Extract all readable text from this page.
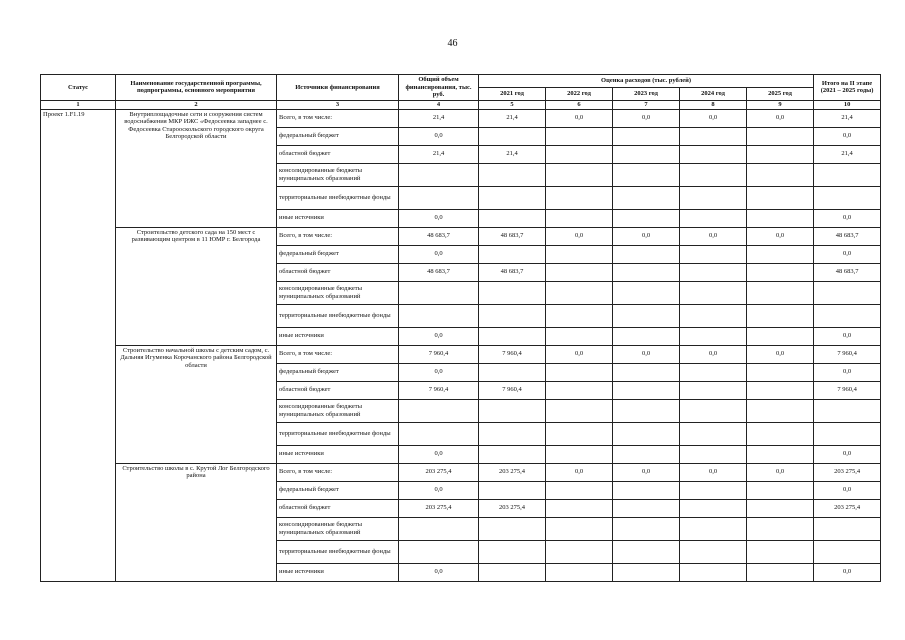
46
Статус	Наименование государственной программы, подпрограммы, основного мероприятия	Источники финансирования	Общий объем финансирования, тыс. руб.	Оценка расходов (тыс. рублей)					Итого на II этапе (2021 – 2025 годы)
				2021 год	2022 год	2023 год	2024 год	2025 год	
1	2	3	4	5	6	7	8	9	10
Проект 1.F1.19	Внутриплощадочные сети и сооружения систем водоснабжения МКР ИЖС «Федосеевка западнее с. Федосеевка Старооскольского городского округа Белгородской области	Всего, в том числе:	21,4	21,4	0,0	0,0	0,0	0,0	21,4
		федеральный бюджет	0,0						0,0
		областной бюджет	21,4	21,4					21,4
		консолидированные бюджеты муниципальных образований							
		территориальные внебюджетные фонды							
		иные источники	0,0						0,0
	Строительство детского сада на 150 мест с развивающим центром в 11 ЮМР г. Белгорода	Всего, в том числе:	48 683,7	48 683,7	0,0	0,0	0,0	0,0	48 683,7
		федеральный бюджет	0,0						0,0
		областной бюджет	48 683,7	48 683,7					48 683,7
		консолидированные бюджеты муниципальных образований							
		территориальные внебюджетные фонды							
		иные источники	0,0						0,0
	Строительство начальной школы с детским садом, с. Дальняя Игуменка Корочанского района Белгородской области	Всего, в том числе:	7 960,4	7 960,4	0,0	0,0	0,0	0,0	7 960,4
		федеральный бюджет	0,0						0,0
		областной бюджет	7 960,4	7 960,4					7 960,4
		консолидированные бюджеты муниципальных образований							
		территориальные внебюджетные фонды							
		иные источники	0,0						0,0
	Строительство школы в с. Крутой Лог Белгородского района	Всего, в том числе:	203 275,4	203 275,4	0,0	0,0	0,0	0,0	203 275,4
		федеральный бюджет	0,0						0,0
		областной бюджет	203 275,4	203 275,4					203 275,4
		консолидированные бюджеты муниципальных образований							
		территориальные внебюджетные фонды							
		иные источники	0,0						0,0
